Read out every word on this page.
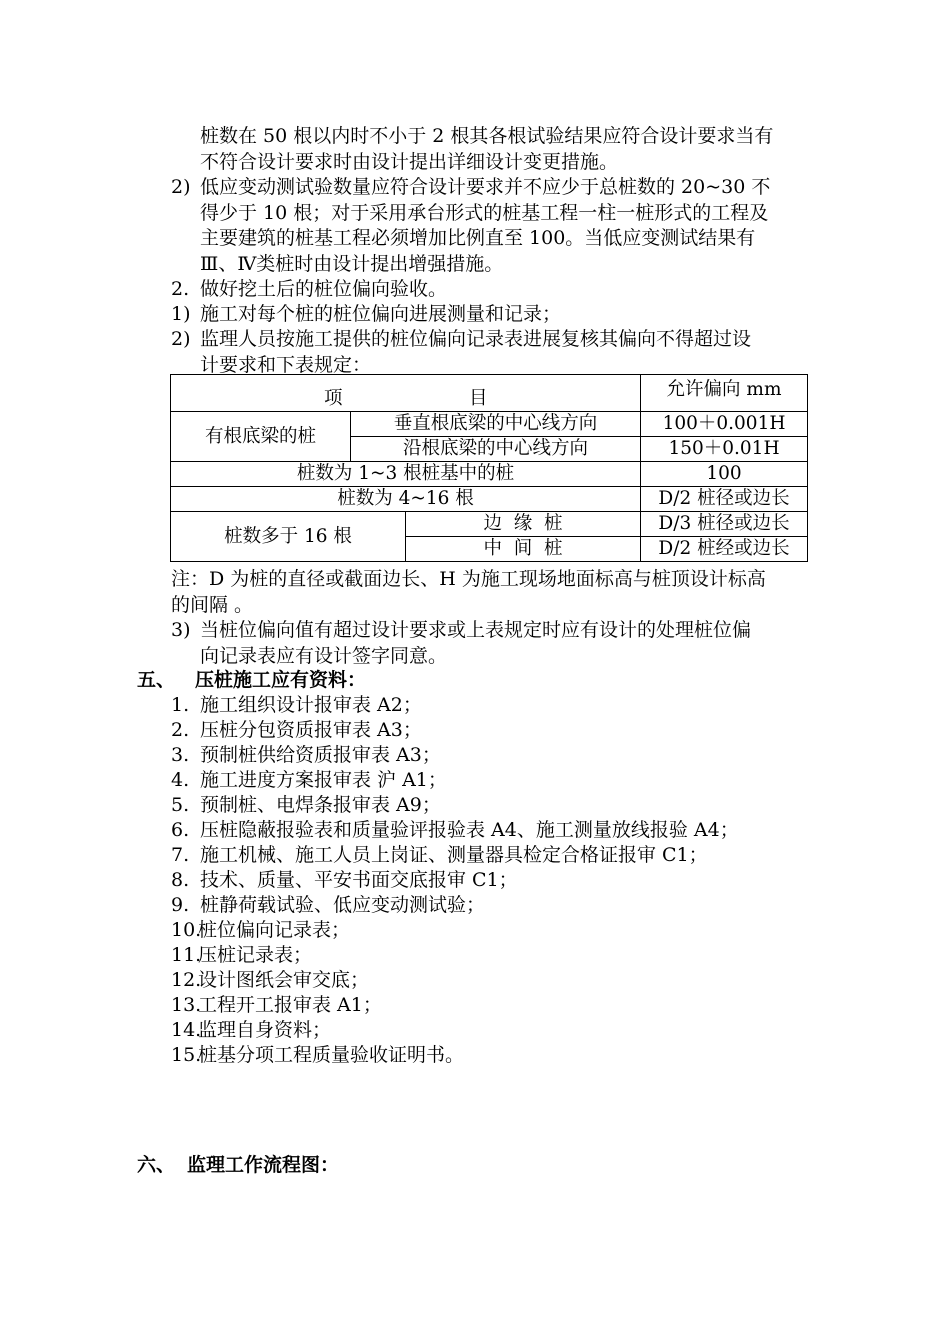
桩数在 50 根以内时不小于 2 根其各根试验结果应符合设计要求当有
不符合设计要求时由设计提出详细设计变更措施。
2) 低应变动测试验数量应符合设计要求并不应少于总桩数的 20~30 不
得少于 10 根；对于采用承台形式的桩基工程一柱一桩形式的工程及
主要建筑的桩基工程必须增加比例直至 100。当低应变测试结果有
Ⅲ、Ⅳ类桩时由设计提出增强措施。
2. 做好挖土后的桩位偏向验收。
1) 施工对每个桩的桩位偏向进展测量和记录；
2) 监理人员按施工提供的桩位偏向记录表进展复核其偏向不得超过设
计要求和下表规定：
项 目			允许偏向 mm
有根底梁的桩	垂直根底梁的中心线方向		100＋0.001H
	沿根底梁的中心线方向		150＋0.01H
桩数为 1~3 根桩基中的桩			100
桩数为 4~16 根			D/2 桩径或边长
桩数多于 16 根		边  缘  桩	D/3 桩径或边长
		中  间  桩	D/2 桩经或边长
注：D 为桩的直径或截面边长、H 为施工现场地面标高与桩顶设计标高
的间隔 。
3) 当桩位偏向值有超过设计要求或上表规定时应有设计的处理桩位偏
向记录表应有设计签字同意。
五、 压桩施工应有资料：
1. 施工组织设计报审表 A2；
2. 压桩分包资质报审表 A3；
3. 预制桩供给资质报审表 A3；
4. 施工进度方案报审表 沪 A1；
5. 预制桩、电焊条报审表 A9；
6. 压桩隐蔽报验表和质量验评报验表 A4、施工测量放线报验 A4；
7. 施工机械、施工人员上岗证、测量器具检定合格证报审 C1；
8. 技术、质量、平安书面交底报审 C1；
9. 桩静荷载试验、低应变动测试验；
10.
桩位偏向记录表；
11.
压桩记录表；
12.
设计图纸会审交底；
13.
工程开工报审表 A1；
14.
监理自身资料；
15.
桩基分项工程质量验收证明书。
六、 监理工作流程图：
